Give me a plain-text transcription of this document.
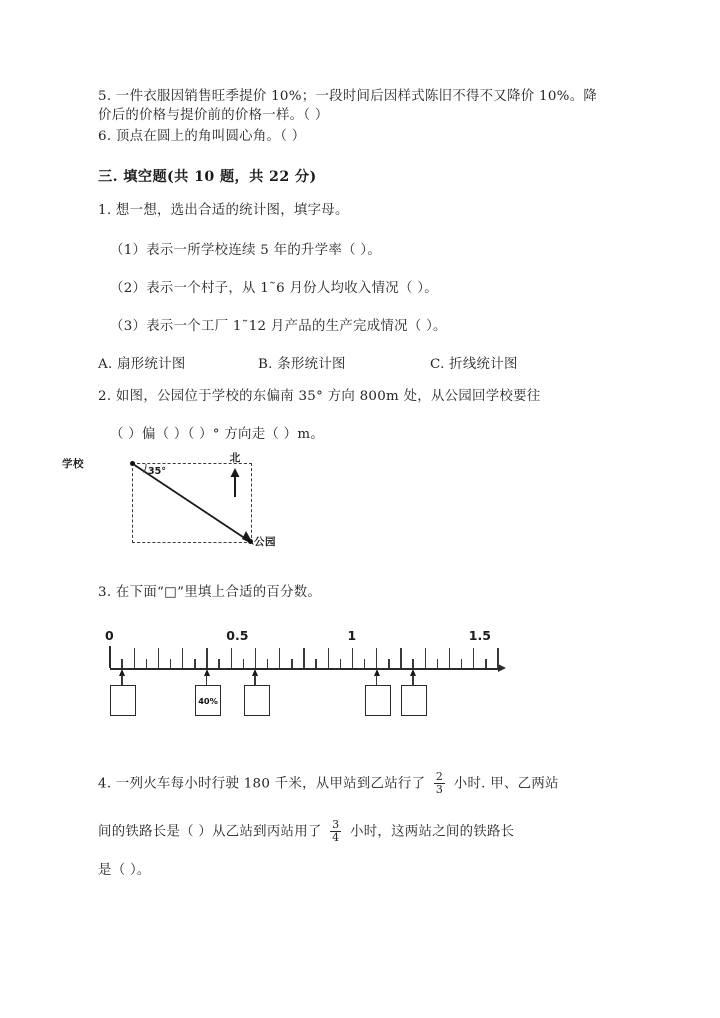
5. 一件衣服因销售旺季提价 10%；一段时间后因样式陈旧不得不又降价 10%。降
价后的价格与提价前的价格一样。（ ）
6. 顶点在圆上的角叫圆心角。（ ）
三. 填空题(共 10 题，共 22 分)
1. 想一想，选出合适的统计图，填字母。
（1）表示一所学校连续 5 年的升学率（ ）。
（2）表示一个村子，从 1˜6 月份人均收入情况（ ）。
（3）表示一个工厂 1˜12 月产品的生产完成情况（ ）。
A. 扇形统计图	B. 条形统计图	C. 折线统计图
2. 如图，公园位于学校的东偏南 35° 方向 800m 处，从公园回学校要往
（ ）偏（ ）（ ）° 方向走（ ）m。
学校
公园
35°
北
3. 在下面“□”里填上合适的百分数。
0	0.5	1	1.5
40%
4. 一列火车每小时行驶 180 千米，从甲站到乙站行了 $\frac{2}{3}$ 小时. 甲、乙两站
间的铁路长是（ ）从乙站到丙站用了 $\frac{3}{4}$ 小时，这两站之间的铁路长
是（ ）。
